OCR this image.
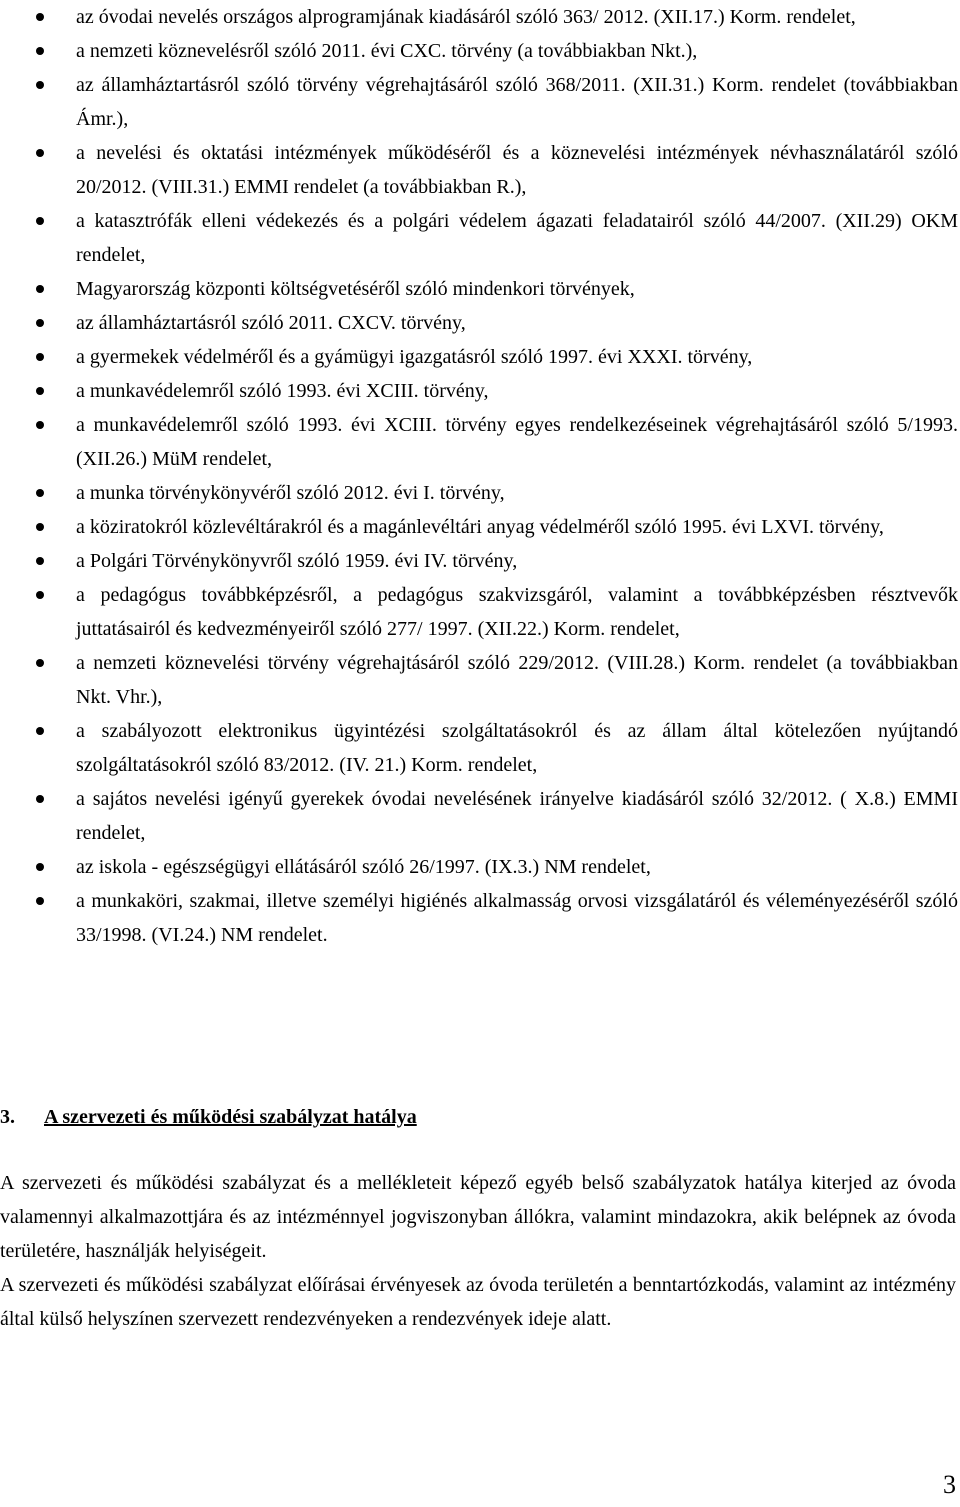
az óvodai nevelés országos alprogramjának kiadásáról szóló 363/ 2012. (XII.17.) Korm. rendelet,
a nemzeti köznevelésről szóló 2011. évi CXC. törvény (a továbbiakban Nkt.),
az államháztartásról szóló törvény végrehajtásáról szóló 368/2011. (XII.31.) Korm. rendelet (továbbiakban Ámr.),
a nevelési és oktatási intézmények működéséről és a köznevelési intézmények névhasználatáról szóló 20/2012. (VIII.31.) EMMI rendelet (a továbbiakban R.),
a katasztrófák elleni védekezés és a polgári védelem ágazati feladatairól szóló 44/2007. (XII.29) OKM rendelet,
Magyarország központi költségvetéséről szóló mindenkori törvények,
az államháztartásról szóló 2011. CXCV. törvény,
a gyermekek védelméről és a gyámügyi igazgatásról szóló 1997. évi XXXI. törvény,
a munkavédelemről szóló 1993. évi XCIII. törvény,
a munkavédelemről szóló 1993. évi XCIII. törvény egyes rendelkezéseinek végrehajtásáról szóló 5/1993. (XII.26.) MüM rendelet,
a munka törvénykönyvéről szóló 2012. évi I. törvény,
a köziratokról közlevéltárakról és a magánlevéltári anyag védelméről szóló 1995. évi LXVI. törvény,
a Polgári Törvénykönyvről szóló 1959. évi IV. törvény,
a pedagógus továbbképzésről, a pedagógus szakvizsgáról, valamint a továbbképzésben résztvevők juttatásairól és kedvezményeiről szóló 277/ 1997. (XII.22.) Korm. rendelet,
a nemzeti köznevelési törvény végrehajtásáról szóló 229/2012. (VIII.28.) Korm. rendelet (a továbbiakban Nkt. Vhr.),
a szabályozott elektronikus ügyintézési szolgáltatásokról és az állam által kötelezően nyújtandó szolgáltatásokról szóló 83/2012. (IV. 21.) Korm. rendelet,
a sajátos nevelési igényű gyerekek óvodai nevelésének irányelve kiadásáról szóló 32/2012. ( X.8.) EMMI rendelet,
az iskola - egészségügyi ellátásáról szóló 26/1997. (IX.3.) NM rendelet,
a munkaköri, szakmai, illetve személyi higiénés alkalmasság orvosi vizsgálatáról és véleményezéséről szóló 33/1998. (VI.24.) NM rendelet.
3. A szervezeti és működési szabályzat hatálya

A szervezeti és működési szabályzat és a mellékleteit képező egyéb belső szabályzatok hatálya kiterjed az óvoda valamennyi alkalmazottjára és az intézménnyel jogviszonyban állókra, valamint mindazokra, akik belépnek az óvoda területére, használják helyiségeit.

A szervezeti és működési szabályzat előírásai érvényesek az óvoda területén a benntartózkodás, valamint az intézmény által külső helyszínen szervezett rendezvényeken a rendezvények ideje alatt.

3
